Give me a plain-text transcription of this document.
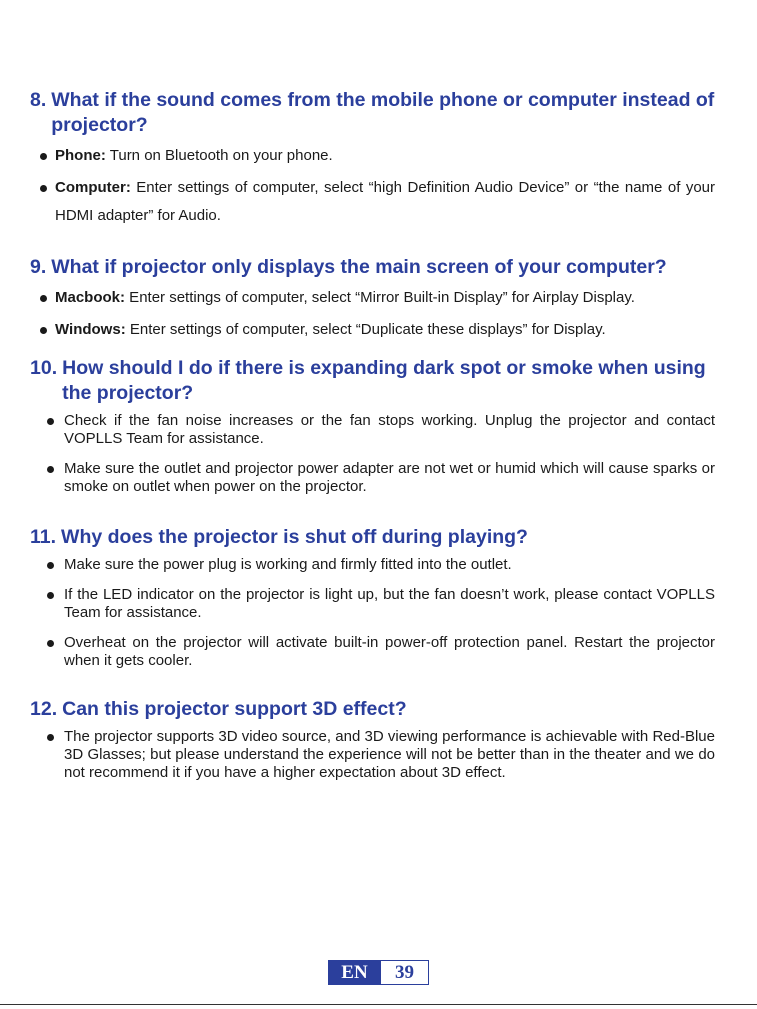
8. What if the sound comes from the mobile phone or computer instead of projector?
Phone: Turn on Bluetooth on your phone.
Computer: Enter settings of computer, select “high Definition Audio Device” or “the name of your HDMI adapter” for Audio.
9. What if projector only displays the main screen of your computer?
Macbook: Enter settings of computer, select “Mirror Built-in Display” for Airplay Display.
Windows: Enter settings of computer, select “Duplicate these displays” for Display.
10. How should I do if there is expanding dark spot or smoke when using the projector?
Check if the fan noise increases or the fan stops working. Unplug the projector and contact VOPLLS Team for assistance.
Make sure the outlet and projector power adapter are not wet or humid which will cause sparks or smoke on outlet when power on the projector.
11. Why does the projector is shut off during playing?
Make sure the power plug is working and firmly fitted into the outlet.
If the LED indicator on the projector is light up, but the fan doesn’t work, please contact VOPLLS Team for assistance.
Overheat on the projector will activate built-in power-off protection panel. Restart the projector when it gets cooler.
12. Can this projector support 3D effect?
The projector supports 3D video source, and 3D viewing performance is achievable with Red-Blue 3D Glasses; but please understand the experience will not be better than in the theater and we do not recommend it if you have a higher expectation about 3D effect.
EN	39
